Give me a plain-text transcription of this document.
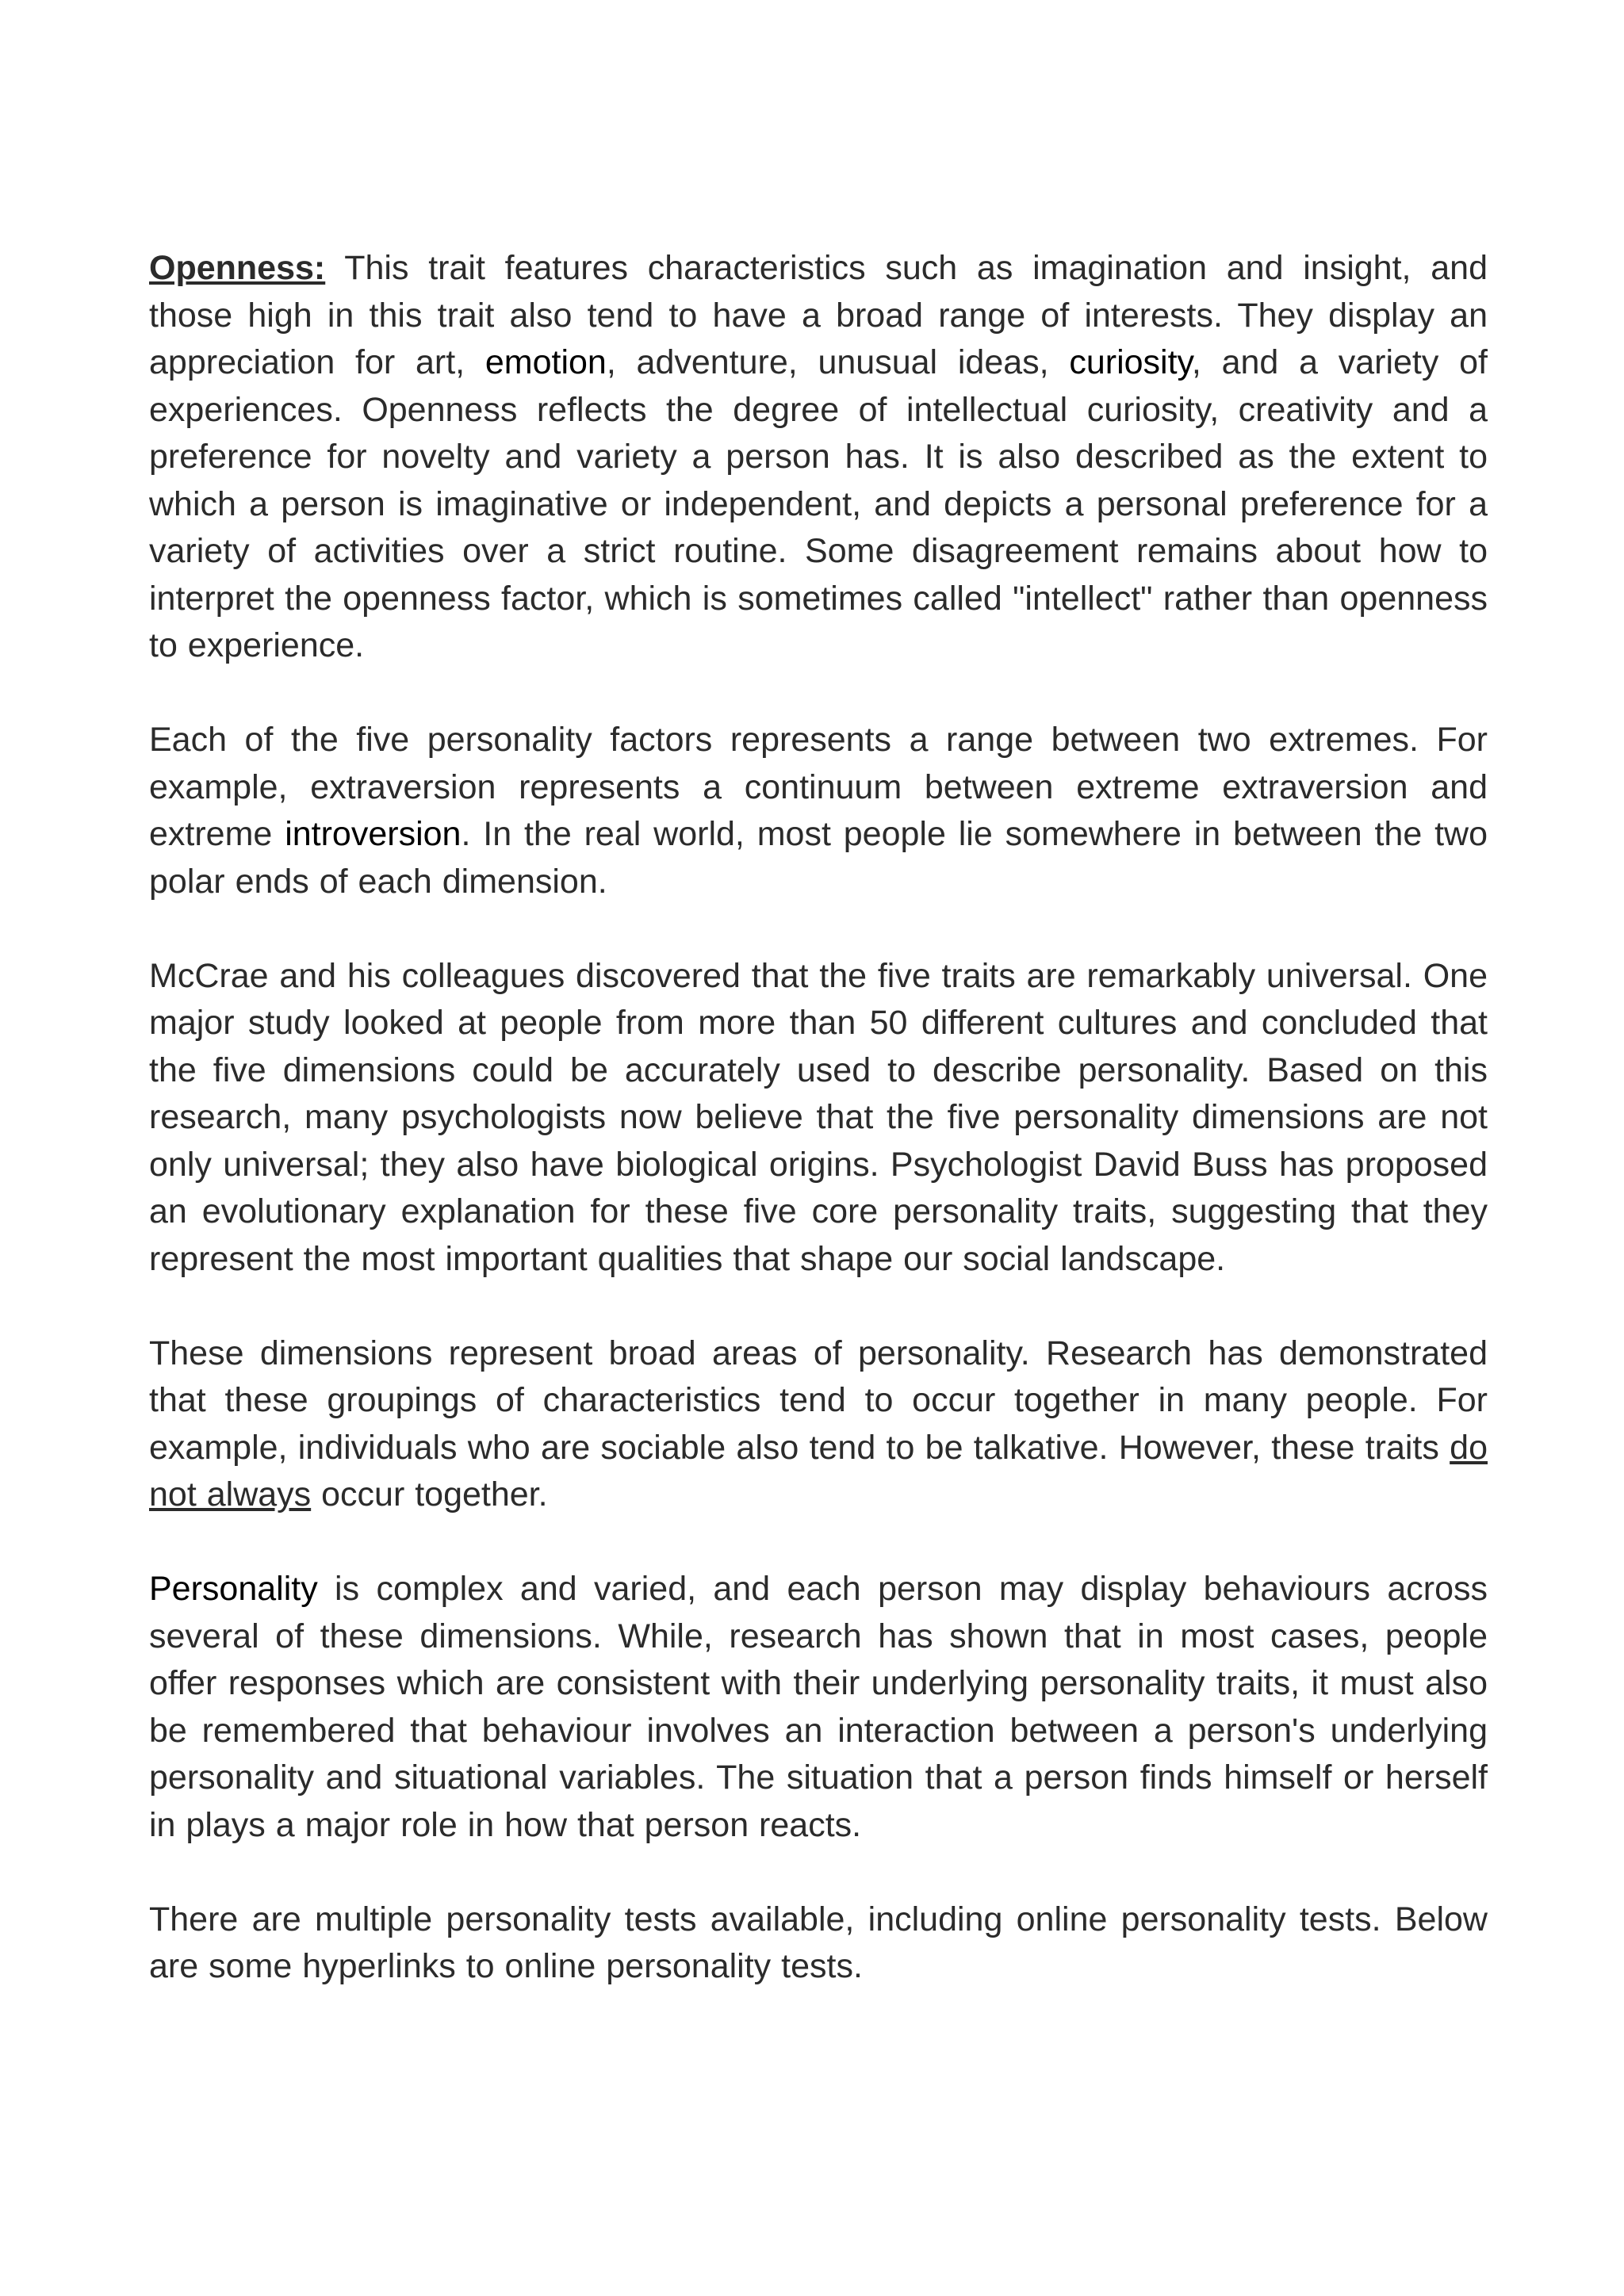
Openness: This trait features characteristics such as imagination and insight, and those high in this trait also tend to have a broad range of interests. They display an appreciation for art, emotion, adventure, unusual ideas, curiosity, and a variety of experiences. Openness reflects the degree of intellectual curiosity, creativity and a preference for novelty and variety a person has. It is also described as the extent to which a person is imaginative or independent, and depicts a personal preference for a variety of activities over a strict routine. Some disagreement remains about how to interpret the openness factor, which is sometimes called "intellect" rather than openness to experience.

Each of the five personality factors represents a range between two extremes. For example, extraversion represents a continuum between extreme extraversion and extreme introversion. In the real world, most people lie somewhere in between the two polar ends of each dimension.

McCrae and his colleagues discovered that the five traits are remarkably universal. One major study looked at people from more than 50 different cultures and concluded that the five dimensions could be accurately used to describe personality. Based on this research, many psychologists now believe that the five personality dimensions are not only universal; they also have biological origins. Psychologist David Buss has proposed an evolutionary explanation for these five core personality traits, suggesting that they represent the most important qualities that shape our social landscape.

These dimensions represent broad areas of personality. Research has demonstrated that these groupings of characteristics tend to occur together in many people. For example, individuals who are sociable also tend to be talkative. However, these traits do not always occur together.

Personality is complex and varied, and each person may display behaviours across several of these dimensions. While, research has shown that in most cases, people offer responses which are consistent with their underlying personality traits, it must also be remembered that behaviour involves an interaction between a person's underlying personality and situational variables. The situation that a person finds himself or herself in plays a major role in how that person reacts.

There are multiple personality tests available, including online personality tests. Below are some hyperlinks to online personality tests.
